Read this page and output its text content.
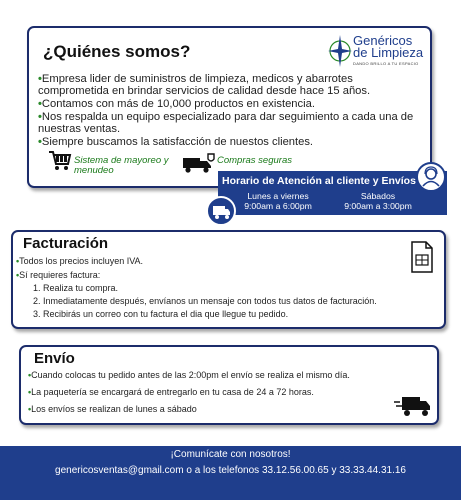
¿Quiénes somos?
Genéricos
de Limpieza
DANDO BRILLO A TU ESPACIO
•Empresa lider de suministros de limpieza, medicos y abarrotes comprometida en brindar servicios de calidad desde hace 15 años.
•Contamos con más de 10,000 productos en existencia.
•Nos respalda un equipo especializado para dar seguimiento a cada una de nuestras ventas.
•Siempre buscamos la satisfacción de nuestos clientes.
Sistema de mayoreo y menudeo
Compras seguras
Horario de Atención al cliente y Envíos
Lunes a viernes
9:00am a 6:00pm
Sábados
9:00am a 3:00pm
Facturación
•Todos los precios incluyen IVA.
•Sí requieres factura:
1. Realiza tu compra.
2. Inmediatamente después, envíanos un mensaje con todos tus datos de facturación.
3. Recibirás un correo con tu factura el dia que llegue tu pedido.
Envío
•Cuando colocas tu pedido antes de las 2:00pm el envío se realiza el mismo día.
•La paquetería se encargará de entregarlo en tu casa de 24 a 72 horas.
•Los envíos se realizan de lunes a sábado
¡Comunícate con nosotros!
genericosventas@gmail.com o a los telefonos 33.12.56.00.65 y 33.33.44.31.16
